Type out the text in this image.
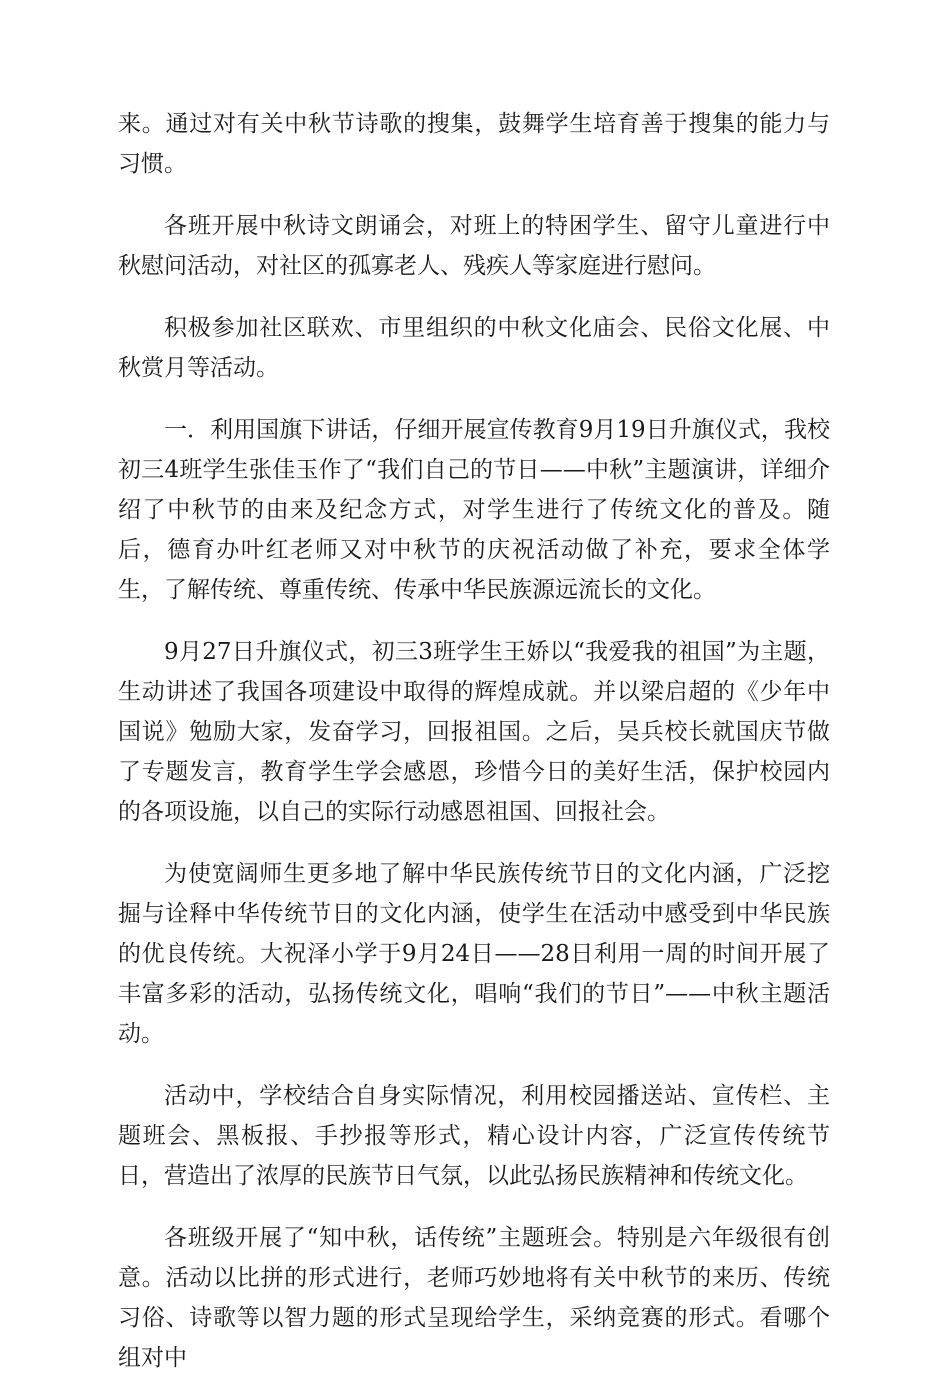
来。通过对有关中秋节诗歌的搜集，鼓舞学生培育善于搜集的能力与习惯。

各班开展中秋诗文朗诵会，对班上的特困学生、留守儿童进行中秋慰问活动，对社区的孤寡老人、残疾人等家庭进行慰问。

积极参加社区联欢、市里组织的中秋文化庙会、民俗文化展、中秋赏月等活动。

一．利用国旗下讲话，仔细开展宣传教育9月19日升旗仪式，我校初三4班学生张佳玉作了“我们自己的节日——中秋”主题演讲，详细介绍了中秋节的由来及纪念方式，对学生进行了传统文化的普及。随后，德育办叶红老师又对中秋节的庆祝活动做了补充，要求全体学生，了解传统、尊重传统、传承中华民族源远流长的文化。

9月27日升旗仪式，初三3班学生王娇以“我爱我的祖国”为主题，生动讲述了我国各项建设中取得的辉煌成就。并以梁启超的《少年中国说》勉励大家，发奋学习，回报祖国。之后，吴兵校长就国庆节做了专题发言，教育学生学会感恩，珍惜今日的美好生活，保护校园内的各项设施，以自己的实际行动感恩祖国、回报社会。

为使宽阔师生更多地了解中华民族传统节日的文化内涵，广泛挖掘与诠释中华传统节日的文化内涵，使学生在活动中感受到中华民族的优良传统。大祝泽小学于9月24日——28日利用一周的时间开展了丰富多彩的活动，弘扬传统文化，唱响“我们的节日”——中秋主题活动。

活动中，学校结合自身实际情况，利用校园播送站、宣传栏、主题班会、黑板报、手抄报等形式，精心设计内容，广泛宣传传统节日，营造出了浓厚的民族节日气氛，以此弘扬民族精神和传统文化。

各班级开展了“知中秋，话传统”主题班会。特别是六年级很有创意。活动以比拼的形式进行，老师巧妙地将有关中秋节的来历、传统习俗、诗歌等以智力题的形式呈现给学生，采纳竞赛的形式。看哪个组对中
